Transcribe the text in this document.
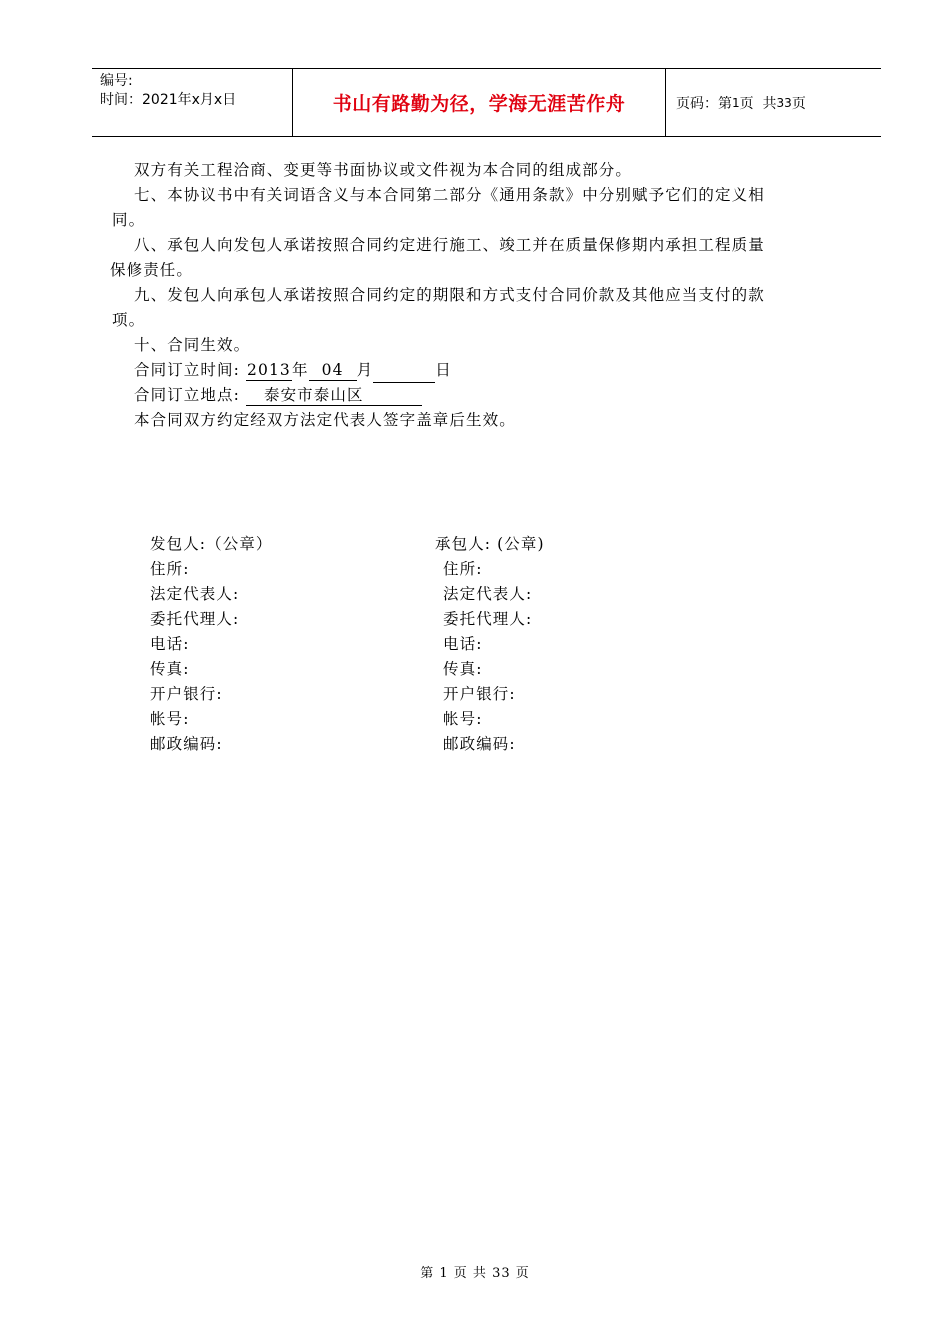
编号:
时间：2021年x月x日	书山有路勤为径，学海无涯苦作舟	页码：第 1 页  共 33 页
双方有关工程洽商、变更等书面协议或文件视为本合同的组成部分。
七、本协议书中有关词语含义与本合同第二部分《通用条款》中分别赋予它们的定义相
同。
八、承包人向发包人承诺按照合同约定进行施工、竣工并在质量保修期内承担工程质量
保修责任。
九、发包人向承包人承诺按照合同约定的期限和方式支付合同价款及其他应当支付的款
项。
十、合同生效。
合同订立时间: 2013年 04 月	日
合同订立地点: 泰安市泰山区
本合同双方约定经双方法定代表人签字盖章后生效。
发包人:（公章）	承包人: (公章)
住所:	住所:
法定代表人:	法定代表人:
委托代理人:	委托代理人:
电话:	电话:
传真:	传真:
开户银行:	开户银行:
帐号:	帐号:
邮政编码:	邮政编码:
第 1 页 共 33 页
